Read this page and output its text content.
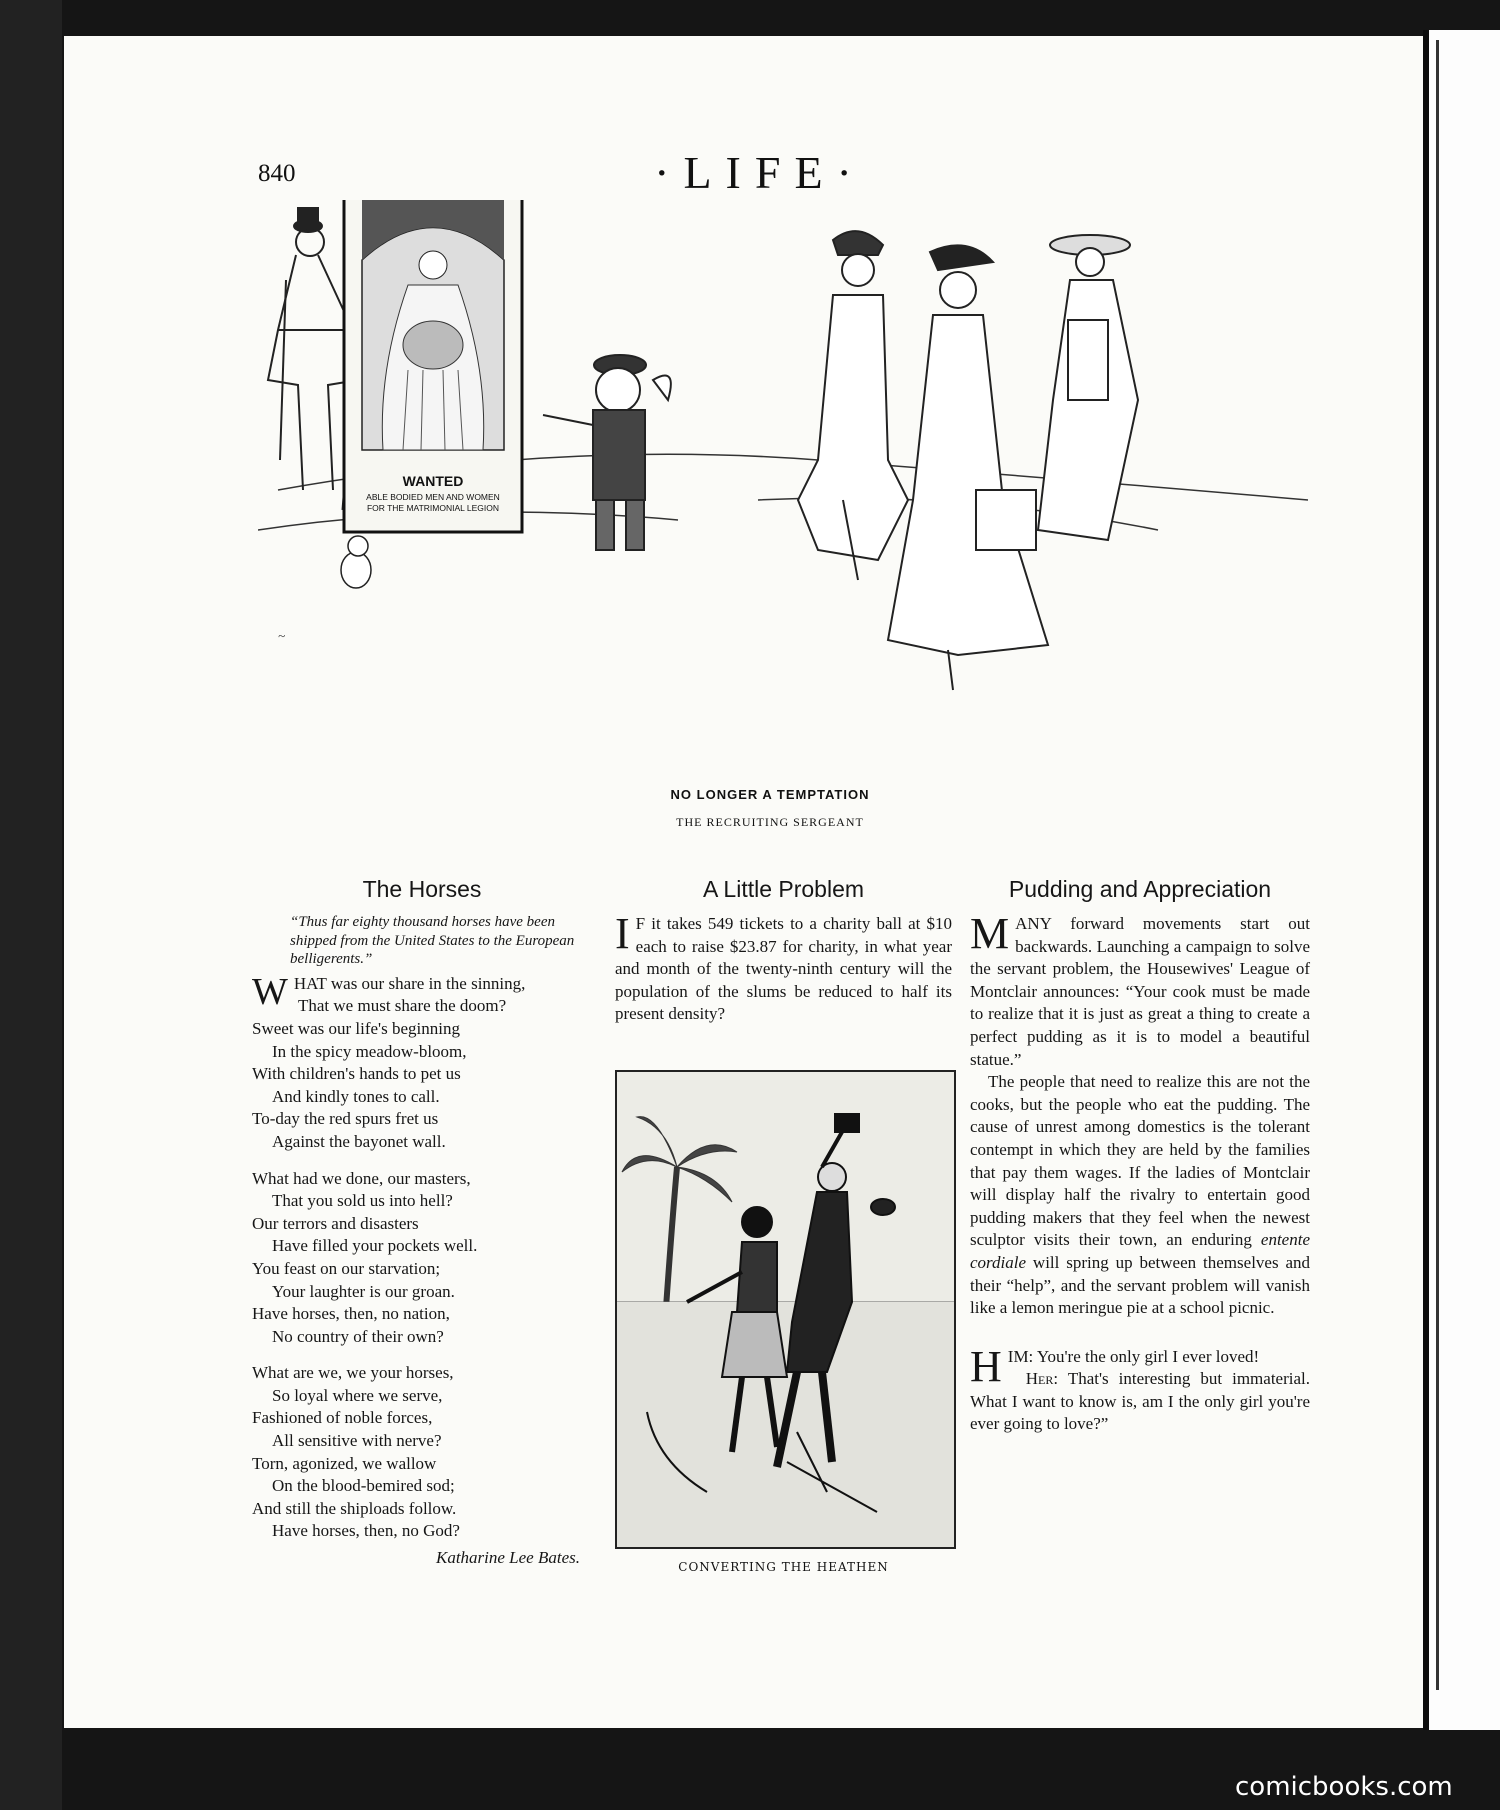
840	·LIFE·
WANTED
ABLE BODIED MEN AND WOMEN
FOR THE MATRIMONIAL LEGION
~
NO LONGER A TEMPTATION
THE RECRUITING SERGEANT
The Horses

“Thus far eighty thousand horses have been shipped from the United States to the European belligerents.”

WHAT was our share in the sinning,
That we must share the doom?
Sweet was our life's beginning
In the spicy meadow-bloom,
With children's hands to pet us
And kindly tones to call.
To-day the red spurs fret us
Against the bayonet wall.
What had we done, our masters,
That you sold us into hell?
Our terrors and disasters
Have filled your pockets well.
You feast on our starvation;
Your laughter is our groan.
Have horses, then, no nation,
No country of their own?
What are we, we your horses,
So loyal where we serve,
Fashioned of noble forces,
All sensitive with nerve?
Torn, agonized, we wallow
On the blood-bemired sod;
And still the shiploads follow.
Have horses, then, no God?
Katharine Lee Bates.
A Little Problem

I F it takes 549 tickets to a charity ball at $10 each to raise $23.87 for charity, in what year and month of the twenty-ninth century will the population of the slums be reduced to half its present density?

CONVERTING THE HEATHEN
Pudding and Appreciation

MANY forward movements start out backwards. Launching a campaign to solve the servant problem, the Housewives' League of Montclair announces: “Your cook must be made to realize that it is just as great a thing to create a perfect pudding as it is to model a beautiful statue.”

The people that need to realize this are not the cooks, but the people who eat the pudding. The cause of unrest among domestics is the tolerant contempt in which they are held by the families that pay them wages. If the ladies of Montclair will display half the rivalry to entertain good pudding makers that they feel when the newest sculptor visits their town, an enduring entente cordiale will spring up between themselves and their “help”, and the servant problem will vanish like a lemon meringue pie at a school picnic.

HIM: You're the only girl I ever loved!

Her: That's interesting but immaterial. What I want to know is, am I the only girl you're ever going to love?”

comicbooks.com
